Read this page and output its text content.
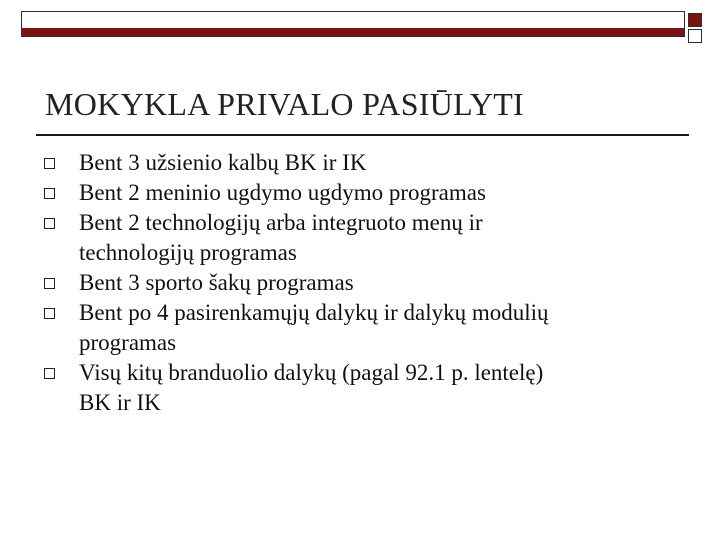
MOKYKLA PRIVALO PASIŪLYTI
Bent 3 užsienio kalbų BK ir IK
Bent 2 meninio ugdymo ugdymo programas
Bent 2 technologijų arba integruoto menų ir
technologijų programas
Bent 3 sporto šakų programas
Bent po 4 pasirenkamųjų dalykų ir dalykų modulių
programas
Visų kitų branduolio dalykų (pagal 92.1 p. lentelę)
BK ir IK
